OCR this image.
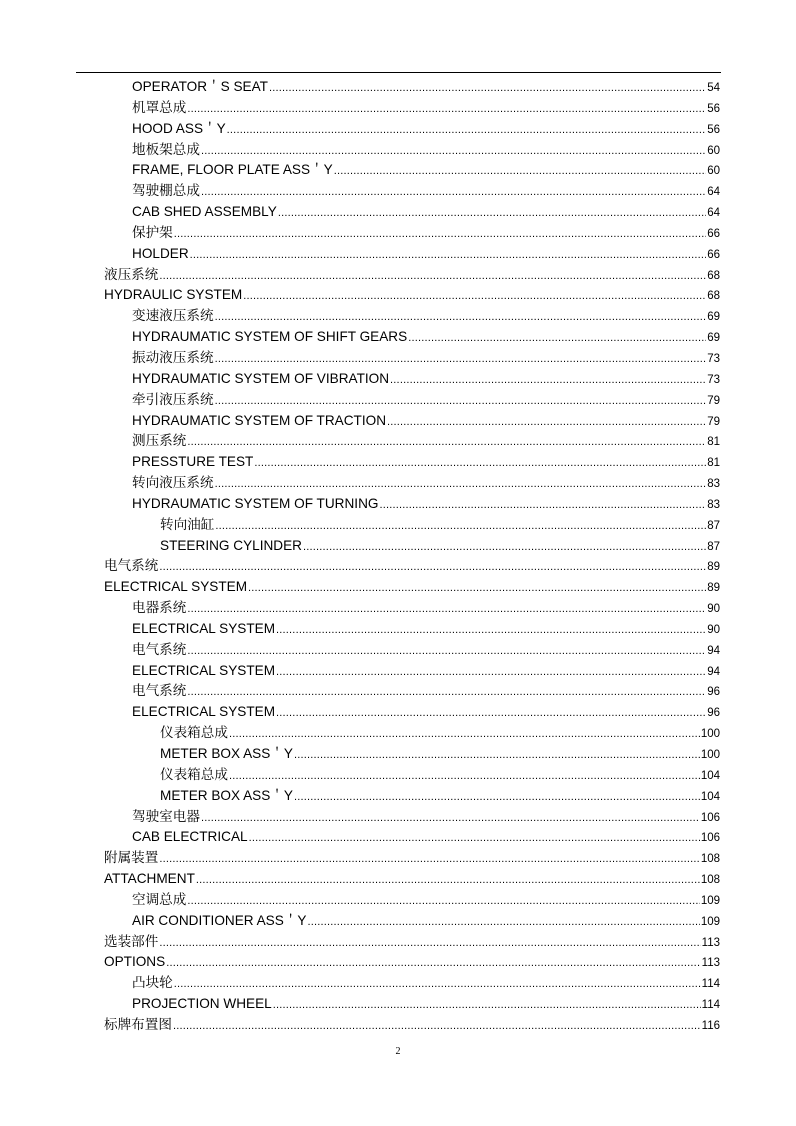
OPERATOR＇S SEAT .....	54
机罩总成 .....	56
HOOD ASS＇Y .....	56
地板架总成 .....	60
FRAME, FLOOR PLATE ASS＇Y .....	60
驾驶棚总成 .....	64
CAB SHED ASSEMBLY .....	64
保护架 .....	66
HOLDER .....	66
液压系统 .....	68
HYDRAULIC SYSTEM .....	68
变速液压系统 .....	69
HYDRAUMATIC SYSTEM OF SHIFT GEARS .....	69
振动液压系统 .....	73
HYDRAUMATIC SYSTEM OF VIBRATION .....	73
牵引液压系统 .....	79
HYDRAUMATIC SYSTEM OF TRACTION .....	79
测压系统 .....	81
PRESSTURE TEST .....	81
转向液压系统 .....	83
HYDRAUMATIC SYSTEM OF TURNING .....	83
转向油缸 .....	87
STEERING CYLINDER .....	87
电气系统 .....	89
ELECTRICAL SYSTEM .....	89
电器系统 .....	90
ELECTRICAL SYSTEM .....	90
电气系统 .....	94
ELECTRICAL SYSTEM .....	94
电气系统 .....	96
ELECTRICAL SYSTEM .....	96
仪表箱总成 .....	100
METER BOX ASS＇Y .....	100
仪表箱总成 .....	104
METER BOX ASS＇Y .....	104
驾驶室电器 .....	106
CAB ELECTRICAL .....	106
附属装置 .....	108
ATTACHMENT .....	108
空调总成 .....	109
AIR CONDITIONER ASS＇Y .....	109
选装部件 .....	113
OPTIONS .....	113
凸块轮 .....	114
PROJECTION WHEEL .....	114
标牌布置图 .....	116
2
